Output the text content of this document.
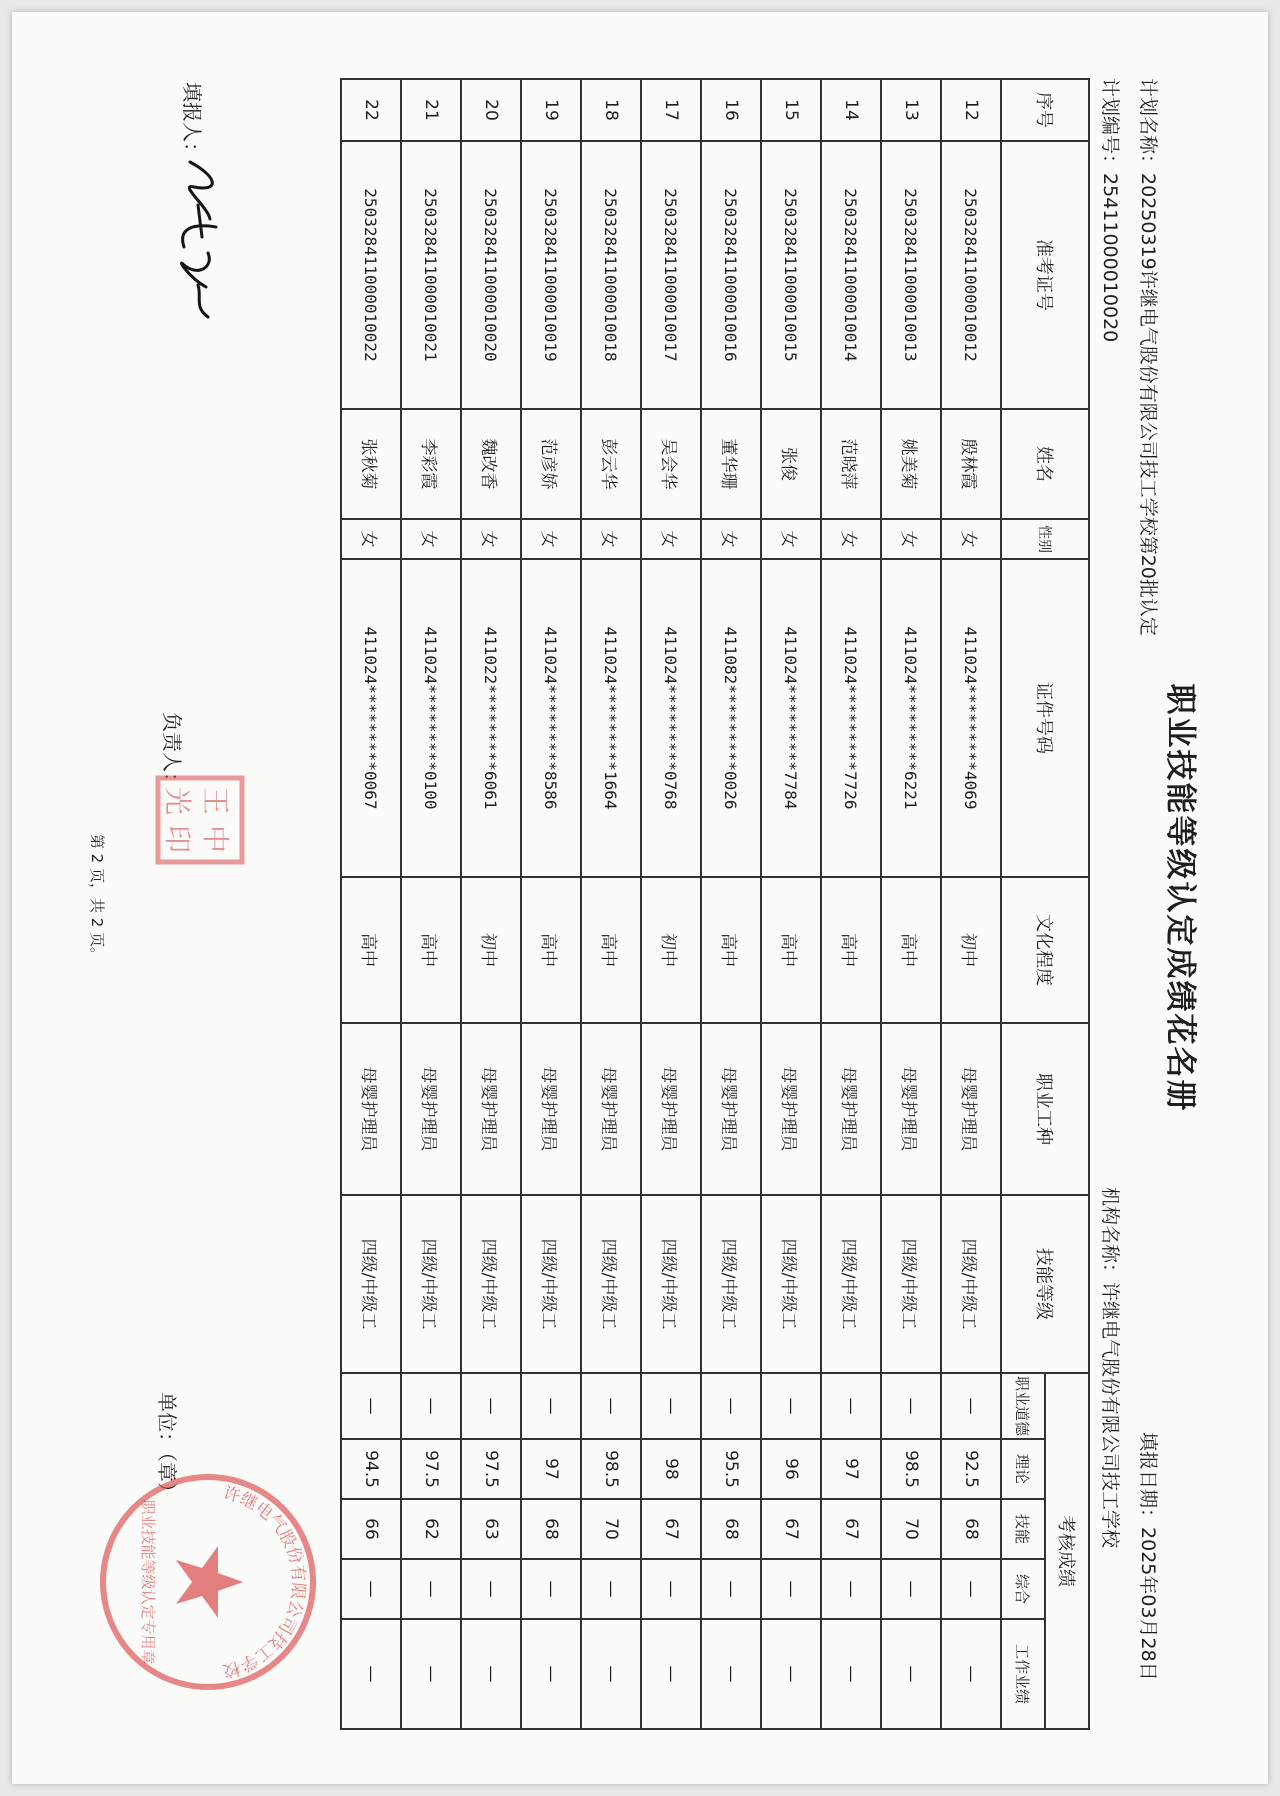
职业技能等级认定成绩花名册
计划名称：20250319许继电气股份有限公司技工学校第20批认定
填报日期：2025年03月28日
计划编号：25411000010020
机构名称：许继电气股份有限公司技工学校
序号	准考证号	姓名	性别	证件号码	文化程度	职业工种	技能等级	考核成绩				
								职业道德	理论	技能	综合	工作业绩
12	250328411000010012	殷林霞	女	411024*********4069	初中	母婴护理员	四级/中级工	—	92.5	68	—	—
13	250328411000010013	姚美菊	女	411024*********6221	高中	母婴护理员	四级/中级工	—	98.5	70	—	—
14	250328411000010014	范晓萍	女	411024*********7726	高中	母婴护理员	四级/中级工	—	97	67	—	—
15	250328411000010015	张俊	女	411024*********7784	高中	母婴护理员	四级/中级工	—	96	67	—	—
16	250328411000010016	董华珊	女	411082*********0026	高中	母婴护理员	四级/中级工	—	95.5	68	—	—
17	250328411000010017	吴会华	女	411024*********0768	初中	母婴护理员	四级/中级工	—	98	67	—	—
18	250328411000010018	彭云华	女	411024*********1664	高中	母婴护理员	四级/中级工	—	98.5	70	—	—
19	250328411000010019	范彦娇	女	411024*********8586	高中	母婴护理员	四级/中级工	—	97	68	—	—
20	250328411000010020	魏改香	女	411022*********6061	初中	母婴护理员	四级/中级工	—	97.5	63	—	—
21	250328411000010021	李彩霞	女	411024*********0100	高中	母婴护理员	四级/中级工	—	97.5	62	—	—
22	250328411000010022	张秋菊	女	411024*********0067	高中	母婴护理员	四级/中级工	—	94.5	66	—	—
填报人：
负责人：
单位：（章）
第 2 页，共 2 页。
王
中
光
印
许继电气股份有限公司技工学校
职业技能等级认定专用章
